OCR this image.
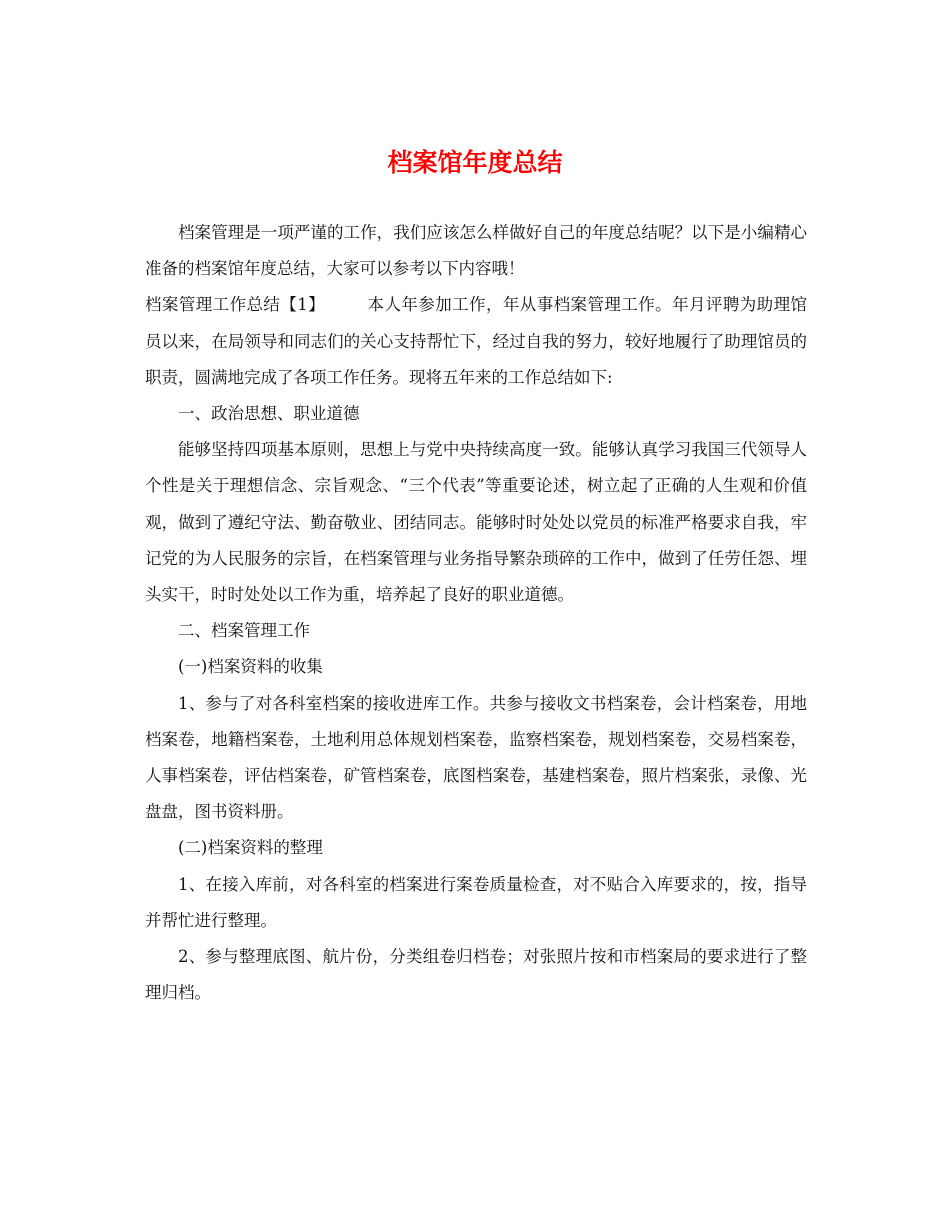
档案馆年度总结

档案管理是一项严谨的工作，我们应该怎么样做好自己的年度总结呢？以下是小编精心准备的档案馆年度总结，大家可以参考以下内容哦！

档案管理工作总结【1】	本人年参加工作，年从事档案管理工作。年月评聘为助理馆员以来，在局领导和同志们的关心支持帮忙下，经过自我的努力，较好地履行了助理馆员的职责，圆满地完成了各项工作任务。现将五年来的工作总结如下:

一、政治思想、职业道德

能够坚持四项基本原则，思想上与党中央持续高度一致。能够认真学习我国三代领导人个性是关于理想信念、宗旨观念、“三个代表”等重要论述，树立起了正确的人生观和价值观，做到了遵纪守法、勤奋敬业、团结同志。能够时时处处以党员的标准严格要求自我，牢记党的为人民服务的宗旨，在档案管理与业务指导繁杂琐碎的工作中，做到了任劳任怨、埋头实干，时时处处以工作为重，培养起了良好的职业道德。

二、档案管理工作

(一)档案资料的收集

1、参与了对各科室档案的接收进库工作。共参与接收文书档案卷，会计档案卷，用地档案卷，地籍档案卷，土地利用总体规划档案卷，监察档案卷，规划档案卷，交易档案卷，人事档案卷，评估档案卷，矿管档案卷，底图档案卷，基建档案卷，照片档案张，录像、光盘盘，图书资料册。

(二)档案资料的整理

1、在接入库前，对各科室的档案进行案卷质量检查，对不贴合入库要求的，按，指导并帮忙进行整理。

2、参与整理底图、航片份，分类组卷归档卷；对张照片按和市档案局的要求进行了整理归档。
